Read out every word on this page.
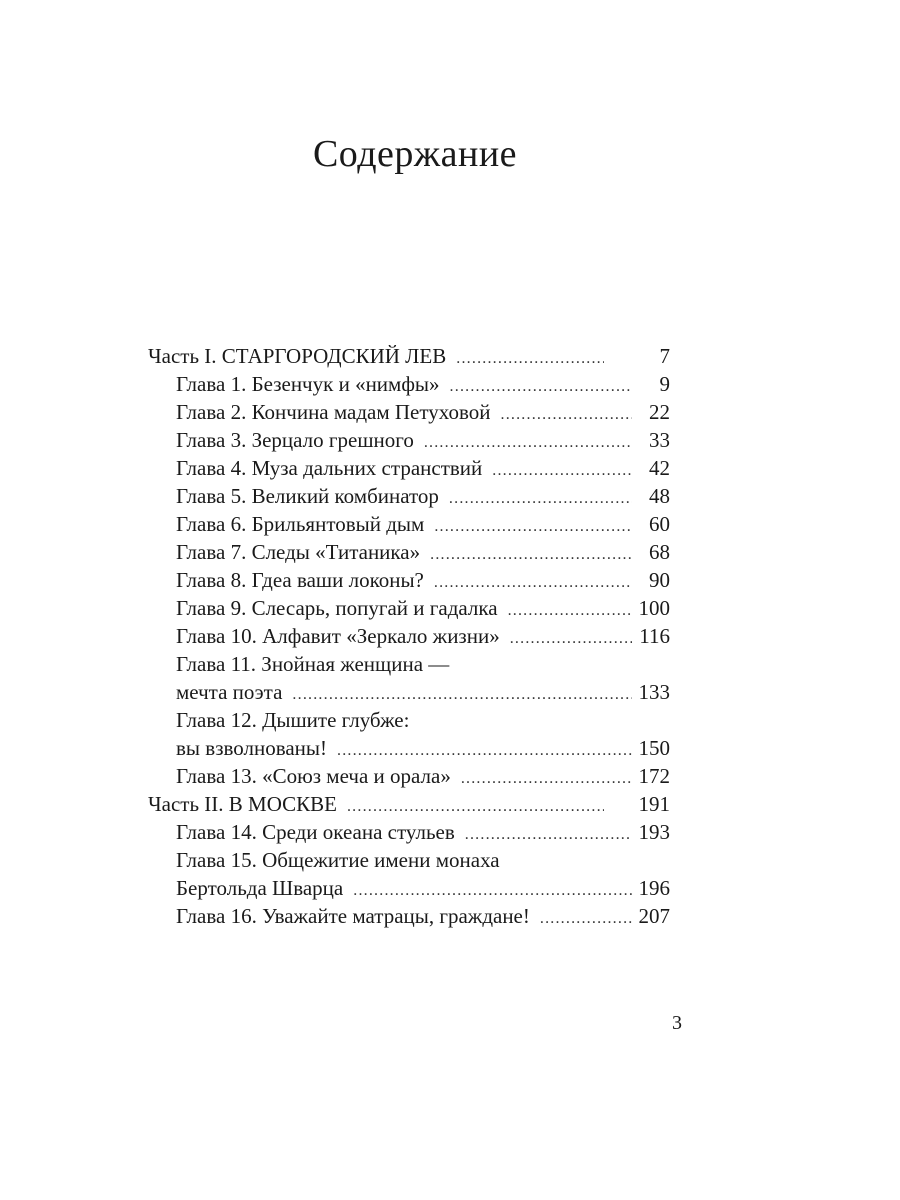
Содержание
Часть I. СТАРГОРОДСКИЙ ЛЕВ .....	7
Глава 1. Безенчук и «нимфы» .....	9
Глава 2. Кончина мадам Петуховой .....	22
Глава 3. Зерцало грешного .....	33
Глава 4. Муза дальних странствий .....	42
Глава 5. Великий комбинатор .....	48
Глава 6. Брильянтовый дым .....	60
Глава 7. Следы «Титаника» .....	68
Глава 8. Гдеа ваши локоны? .....	90
Глава 9. Слесарь, попугай и гадалка .....	100
Глава 10. Алфавит «Зеркало жизни» .....	116
Глава 11. Знойная женщина —
мечта поэта .....	133
Глава 12. Дышите глубже:
вы взволнованы! .....	150
Глава 13. «Союз меча и орала» .....	172
Часть II. В МОСКВЕ .....	191
Глава 14. Среди океана стульев .....	193
Глава 15. Общежитие имени монаха
Бертольда Шварца .....	196
Глава 16. Уважайте матрацы, граждане! .....	207
3
